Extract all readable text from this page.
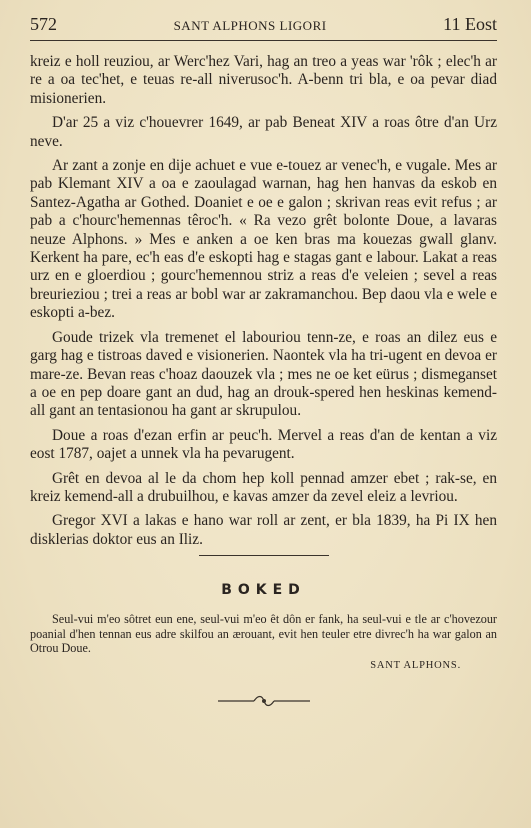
572	SANT ALPHONS LIGORI	11 Eost

kreiz e holl reuziou, ar Werc'hez Vari, hag an treo a yeas war 'rôk ; elec'h ar re a oa tec'het, e teuas re-all niverusoc'h. A-benn tri bla, e oa pevar diad misionerien.

D'ar 25 a viz c'houevrer 1649, ar pab Beneat XIV a roas ôtre d'an Urz neve.

Ar zant a zonje en dije achuet e vue e-touez ar venec'h, e vugale. Mes ar pab Klemant XIV a oa e zaoulagad warnan, hag hen hanvas da eskob en Santez-Agatha ar Gothed. Doaniet e oe e galon ; skrivan reas evit refus ; ar pab a c'hourc'hemennas têroc'h. « Ra vezo grêt bolonte Doue, a lavaras neuze Alphons. » Mes e anken a oe ken bras ma kouezas gwall glanv. Kerkent ha pare, ec'h eas d'e eskopti hag e stagas gant e labour. Lakat a reas urz en e gloerdiou ; gourc'hemennou striz a reas d'e veleien ; sevel a reas breurieziou ; trei a reas ar bobl war ar zakramanchou. Bep daou vla e wele e eskopti a-bez.

Goude trizek vla tremenet el labouriou tenn-ze, e roas an dilez eus e garg hag e tistroas daved e visionerien. Naontek vla ha tri-ugent en devoa er mare-ze. Bevan reas c'hoaz daouzek vla ; mes ne oe ket eürus ; dismeganset a oe en pep doare gant an dud, hag an drouk-spered hen heskinas kemend-all gant an tentasionou ha gant ar skrupulou.

Doue a roas d'ezan erfin ar peuc'h. Mervel a reas d'an de kentan a viz eost 1787, oajet a unnek vla ha pevarugent.

Grêt en devoa al le da chom hep koll pennad amzer ebet ; rak-se, en kreiz kemend-all a drubuilhou, e kavas amzer da zevel eleiz a levriou.

Gregor XVI a lakas e hano war roll ar zent, er bla 1839, ha Pi IX hen disklerias doktor eus an Iliz.

BOKED

Seul-vui m'eo sôtret eun ene, seul-vui m'eo êt dôn er fank, ha seul-vui e tle ar c'hovezour poanial d'hen tennan eus adre skilfou an ærouant, evit hen teuler etre divrec'h ha war galon an Otrou Doue.

SANT ALPHONS.
